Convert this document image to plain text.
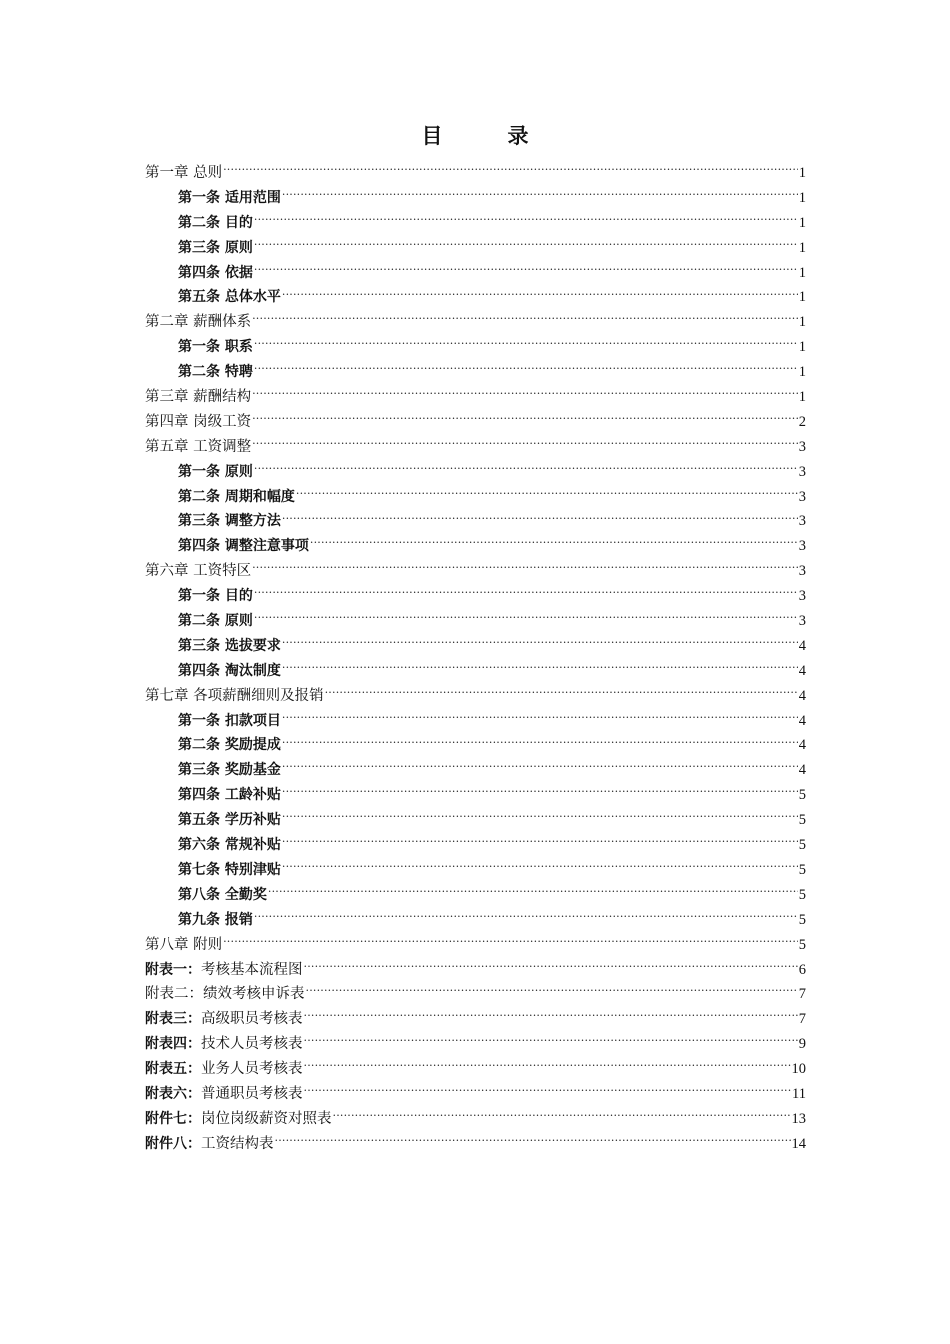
目　录
第一章 总则 .....	1
第一条 适用范围 .....	1
第二条 目的 .....	1
第三条 原则 .....	1
第四条 依据 .....	1
第五条 总体水平 .....	1
第二章 薪酬体系 .....	1
第一条 职系 .....	1
第二条 特聘 .....	1
第三章 薪酬结构 .....	1
第四章 岗级工资 .....	2
第五章 工资调整 .....	3
第一条 原则 .....	3
第二条 周期和幅度 .....	3
第三条 调整方法 .....	3
第四条 调整注意事项 .....	3
第六章 工资特区 .....	3
第一条 目的 .....	3
第二条 原则 .....	3
第三条 选拔要求 .....	4
第四条 淘汰制度 .....	4
第七章 各项薪酬细则及报销 .....	4
第一条 扣款项目 .....	4
第二条 奖励提成 .....	4
第三条 奖励基金 .....	4
第四条 工龄补贴 .....	5
第五条 学历补贴 .....	5
第六条 常规补贴 .....	5
第七条 特别津贴 .....	5
第八条 全勤奖 .....	5
第九条 报销 .....	5
第八章 附则 .....	5
附表一：考核基本流程图 .....	6
附表二：绩效考核申诉表 .....	7
附表三：高级职员考核表 .....	7
附表四：技术人员考核表 .....	9
附表五：业务人员考核表 .....	10
附表六：普通职员考核表 .....	11
附件七：岗位岗级薪资对照表 .....	13
附件八：工资结构表 .....	14
